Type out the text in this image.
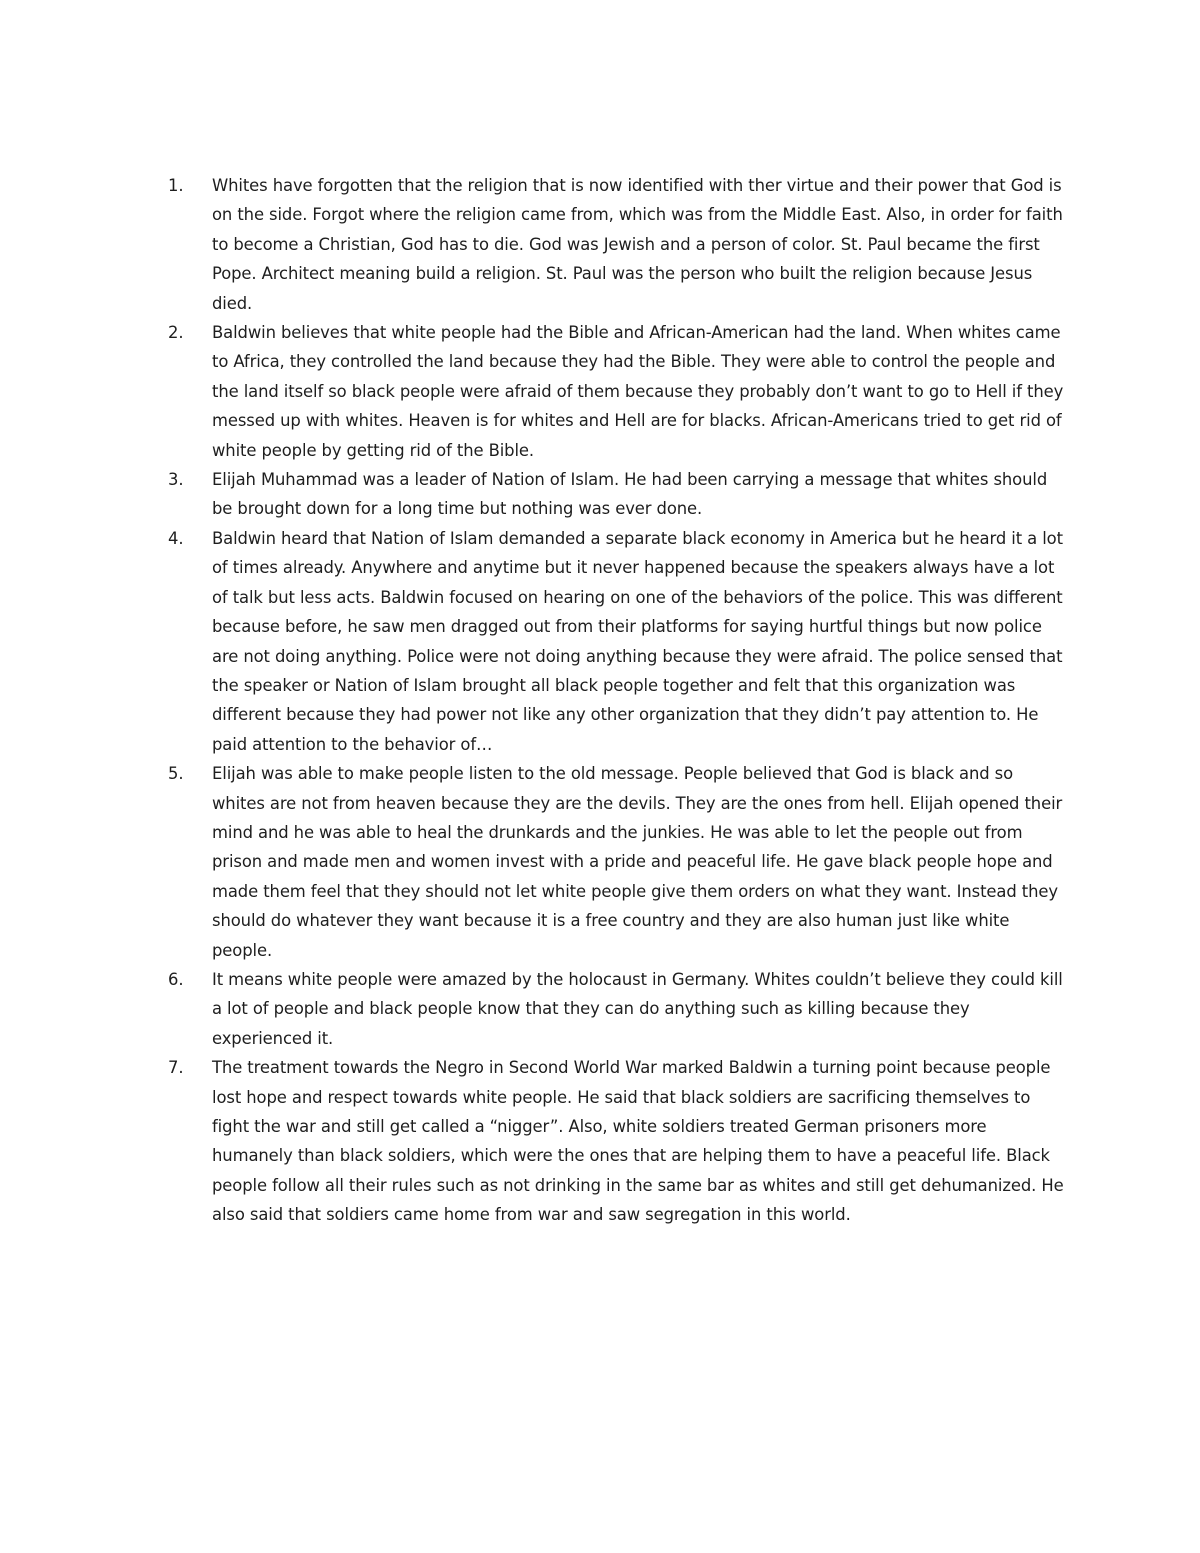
1.	Whites have forgotten that the religion that is now identified with ther virtue and their power that God is on the side. Forgot where the religion came from, which was from the Middle East. Also, in order for faith to become a Christian, God has to die. God was Jewish and a person of color. St. Paul became the first Pope. Architect meaning build a religion. St. Paul was the person who built the religion because Jesus died.
2.	Baldwin believes that white people had the Bible and African-American had the land. When whites came to Africa, they controlled the land because they had the Bible. They were able to control the people and the land itself so black people were afraid of them because they probably don’t want to go to Hell if they messed up with whites. Heaven is for whites and Hell are for blacks. African-Americans tried to get rid of white people by getting rid of the Bible.
3.	Elijah Muhammad was a leader of Nation of Islam. He had been carrying a message that whites should be brought down for a long time but nothing was ever done.
4.	Baldwin heard that Nation of Islam demanded a separate black economy in America but he heard it a lot of times already. Anywhere and anytime but it never happened because the speakers always have a lot of talk but less acts. Baldwin focused on hearing on one of the behaviors of the police. This was different because before, he saw men dragged out from their platforms for saying hurtful things but now police are not doing anything. Police were not doing anything because they were afraid. The police sensed that the speaker or Nation of Islam brought all black people together and felt that this organization was different because they had power not like any other organization that they didn’t pay attention to. He paid attention to the behavior of…
5.	Elijah was able to make people listen to the old message. People believed that God is black and so whites are not from heaven because they are the devils. They are the ones from hell. Elijah opened their mind and he was able to heal the drunkards and the junkies. He was able to let the people out from prison and made men and women invest with a pride and peaceful life. He gave black people hope and made them feel that they should not let white people give them orders on what they want. Instead they should do whatever they want because it is a free country and they are also human just like white people.
6.	It means white people were amazed by the holocaust in Germany. Whites couldn’t believe they could kill a lot of people and black people know that they can do anything such as killing because they experienced it.
7.	The treatment towards the Negro in Second World War marked Baldwin a turning point because people lost hope and respect towards white people. He said that black soldiers are sacrificing themselves to fight the war and still get called a “nigger”. Also, white soldiers treated German prisoners more humanely than black soldiers, which were the ones that are helping them to have a peaceful life. Black people follow all their rules such as not drinking in the same bar as whites and still get dehumanized. He also said that soldiers came home from war and saw segregation in this world.
